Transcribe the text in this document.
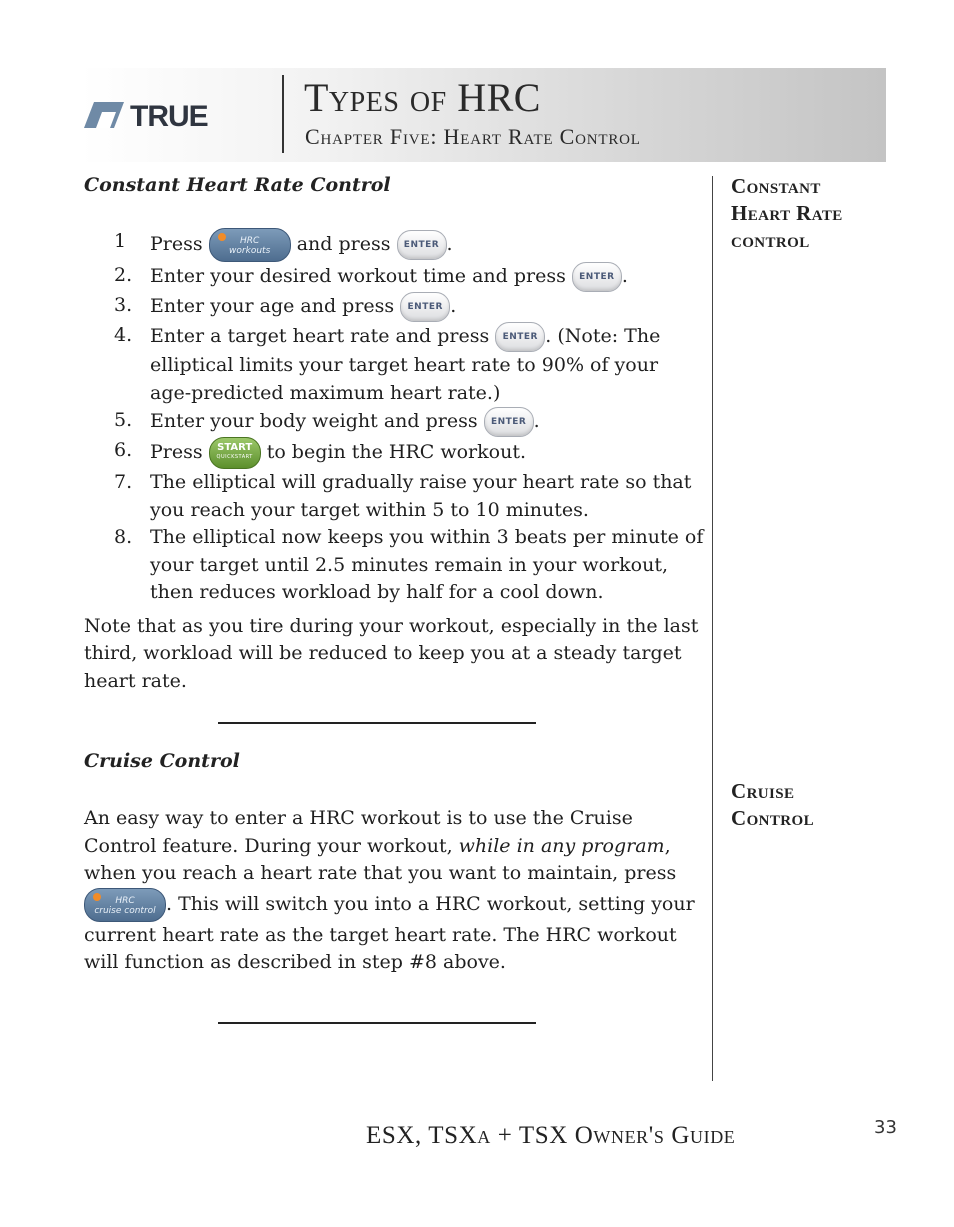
TRUE Types of HRC
Chapter Five: Heart Rate Control
Constant Heart Rate control
Cruise Control
Constant Heart Rate Control
1 Press	HRC
workouts and press ENTER .
2. Enter your desired workout time and press ENTER .
3. Enter your age and press ENTER .
4. Enter a target heart rate and press ENTER . (Note: The elliptical limits your target heart rate to 90% of your age-predicted maximum heart rate.)
5. Enter your body weight and press ENTER .
6. Press START
QUICKSTART to begin the HRC workout.
7. The elliptical will gradually raise your heart rate so that you reach your target within 5 to 10 minutes.
8. The elliptical now keeps you within 3 beats per minute of your target until 2.5 minutes remain in your workout, then reduces workload by half for a cool down.
Note that as you tire during your workout, especially in the last third, workload will be reduced to keep you at a steady target heart rate.
Cruise Control
An easy way to enter a HRC workout is to use the Cruise Control feature. During your workout, while in any program, when you reach a heart rate that you want to maintain, press
HRC
cruise control . This will switch you into a HRC workout, setting your current heart rate as the target heart rate. The HRC workout will function as described in step #8 above.
ESX, TSXa + TSX Owner's Guide	33
